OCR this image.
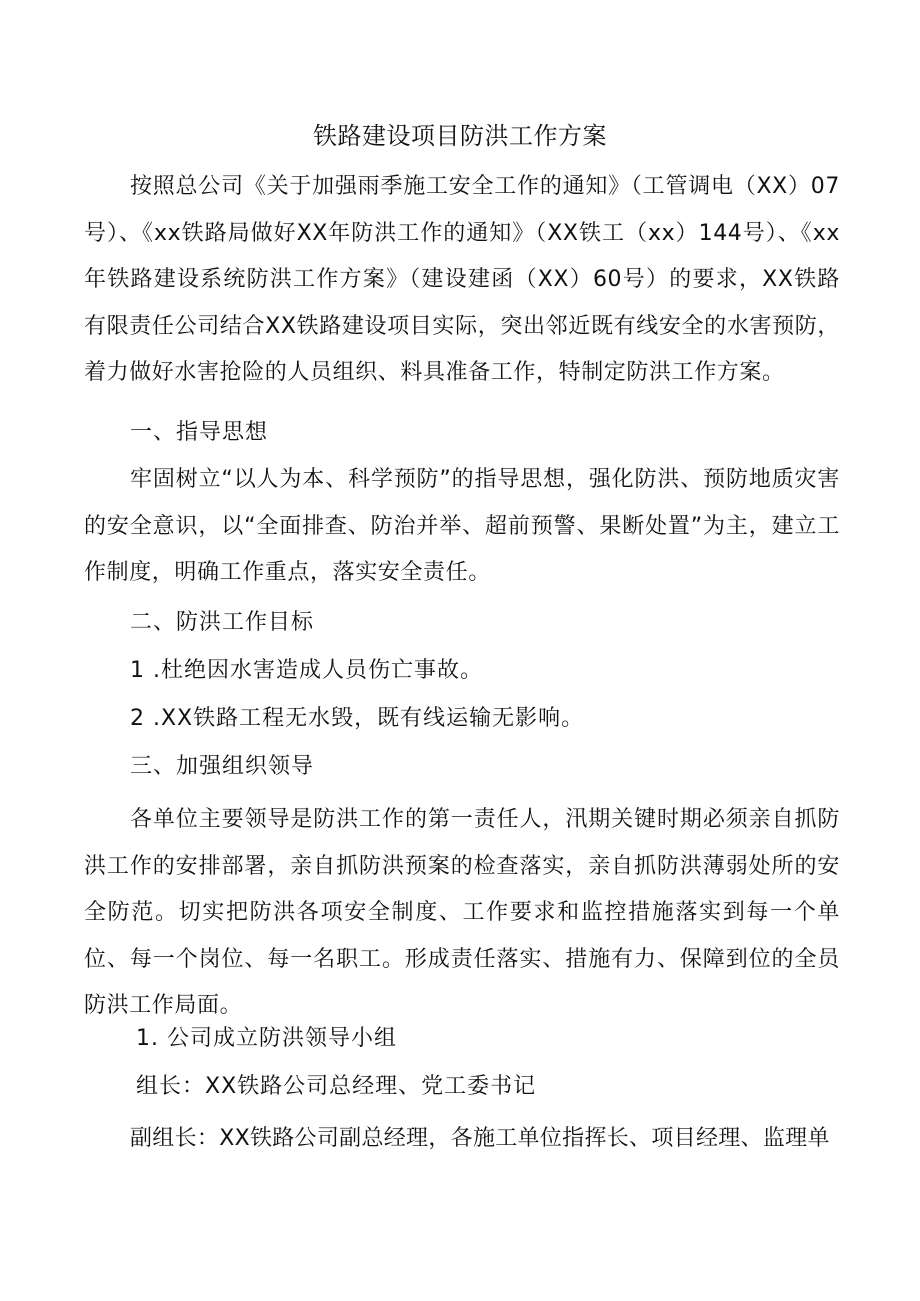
铁路建设项目防洪工作方案

按照总公司《关于加强雨季施工安全工作的通知》（工管调电（XX）07号）、《xx铁路局做好XX年防洪工作的通知》（XX铁工（xx）144号）、《xx年铁路建设系统防洪工作方案》（建设建函（XX）60号）的要求，XX铁路有限责任公司结合XX铁路建设项目实际，突出邻近既有线安全的水害预防，着力做好水害抢险的人员组织、料具准备工作，特制定防洪工作方案。

一、指导思想

牢固树立“以人为本、科学预防”的指导思想，强化防洪、预防地质灾害的安全意识，以“全面排查、防治并举、超前预警、果断处置”为主，建立工作制度，明确工作重点，落实安全责任。

二、防洪工作目标

1 .杜绝因水害造成人员伤亡事故。

2 .XX铁路工程无水毁，既有线运输无影响。

三、加强组织领导

各单位主要领导是防洪工作的第一责任人，汛期关键时期必须亲自抓防洪工作的安排部署，亲自抓防洪预案的检查落实，亲自抓防洪薄弱处所的安全防范。切实把防洪各项安全制度、工作要求和监控措施落实到每一个单位、每一个岗位、每一名职工。形成责任落实、措施有力、保障到位的全员防洪工作局面。

1. 公司成立防洪领导小组

组长：XX铁路公司总经理、党工委书记

副组长：XX铁路公司副总经理，各施工单位指挥长、项目经理、监理单
